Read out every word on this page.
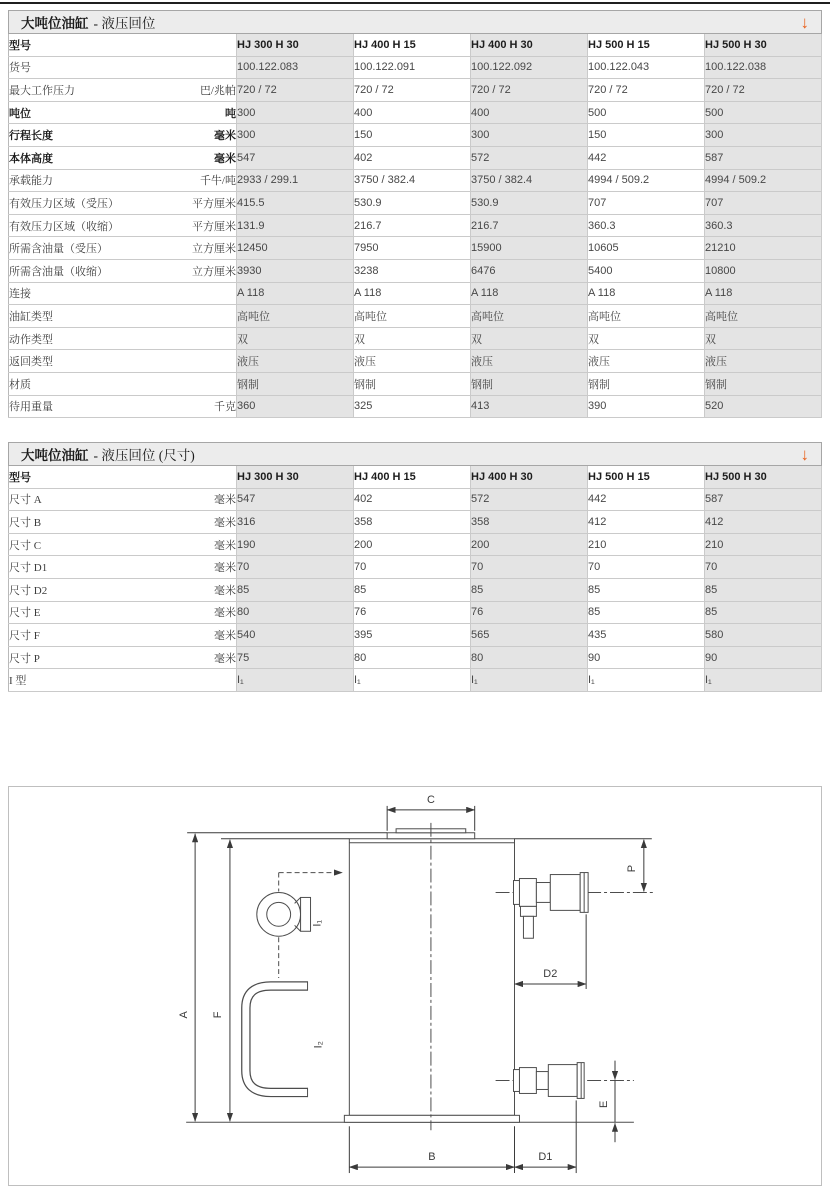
大吨位油缸 - 液压回位	↓
型号	HJ 300 H 30	HJ 400 H 15	HJ 400 H 30	HJ 500 H 15	HJ 500 H 30
货号	100.122.083	100.122.091	100.122.092	100.122.043	100.122.038
最大工作压力 巴/兆帕	720 / 72	720 / 72	720 / 72	720 / 72	720 / 72
吨位 吨	300	400	400	500	500
行程长度 毫米	300	150	300	150	300
本体高度 毫米	547	402	572	442	587
承载能力 千牛/吨	2933 / 299.1	3750 / 382.4	3750 / 382.4	4994 / 509.2	4994 / 509.2
有效压力区域（受压） 平方厘米	415.5	530.9	530.9	707	707
有效压力区域（收缩） 平方厘米	131.9	216.7	216.7	360.3	360.3
所需含油量（受压） 立方厘米	12450	7950	15900	10605	21210
所需含油量（收缩） 立方厘米	3930	3238	6476	5400	10800
连接	A 118	A 118	A 118	A 118	A 118
油缸类型	高吨位	高吨位	高吨位	高吨位	高吨位
动作类型	双	双	双	双	双
返回类型	液压	液压	液压	液压	液压
材质	钢制	钢制	钢制	钢制	钢制
待用重量 千克	360	325	413	390	520
大吨位油缸 - 液压回位 (尺寸)	↓
型号	HJ 300 H 30	HJ 400 H 15	HJ 400 H 30	HJ 500 H 15	HJ 500 H 30
尺寸 A 毫米	547	402	572	442	587
尺寸 B 毫米	316	358	358	412	412
尺寸 C 毫米	190	200	200	210	210
尺寸 D1 毫米	70	70	70	70	70
尺寸 D2 毫米	85	85	85	85	85
尺寸 E 毫米	80	76	76	85	85
尺寸 F 毫米	540	395	565	435	580
尺寸 P 毫米	75	80	80	90	90
I 型	I₁	I₁	I₁	I₁	I₁
C
A F
P
D2
E
B	D1
I₁
I₂
